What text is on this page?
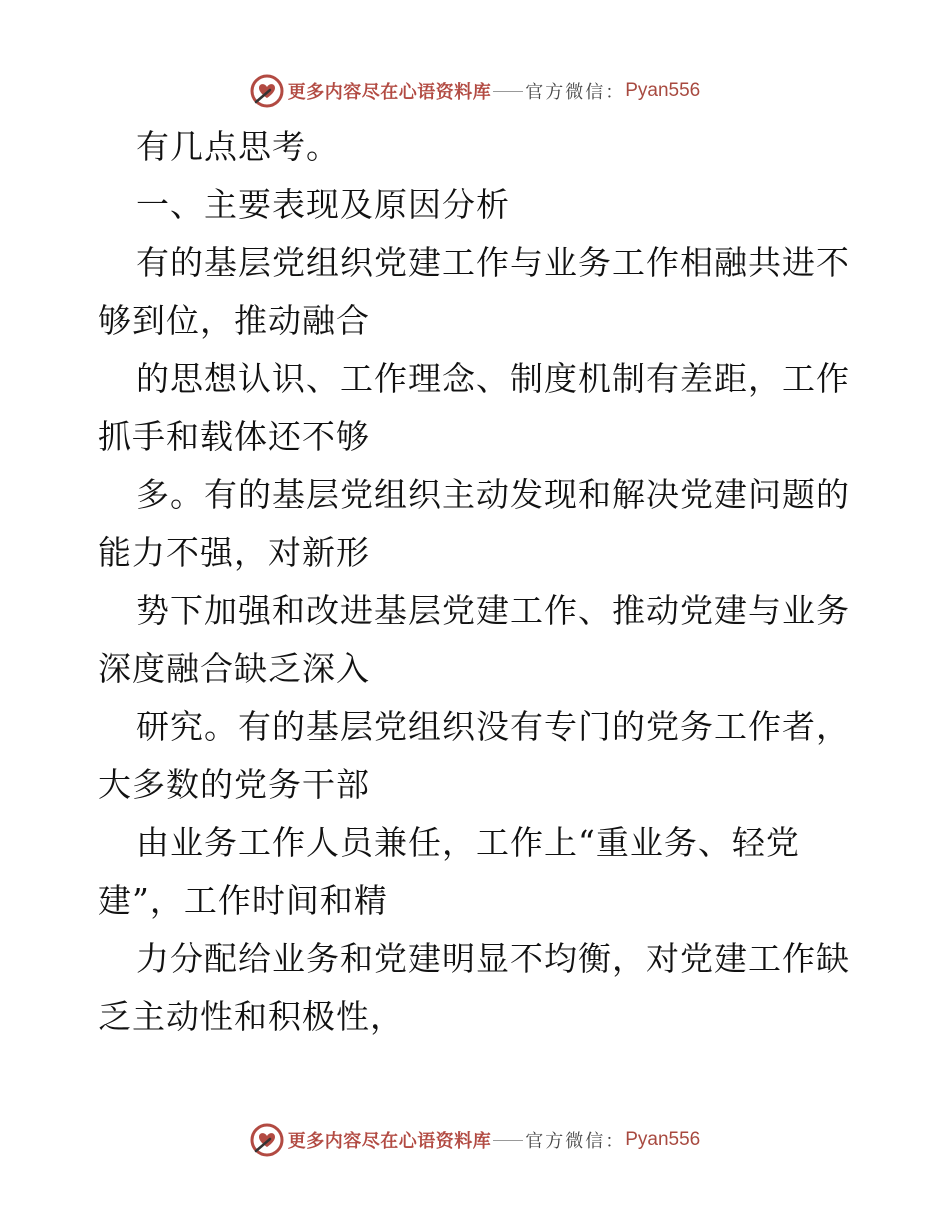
更多内容尽在心语资料库 官方微信： Pyan556
有几点思考。
一、主要表现及原因分析
有的基层党组织党建工作与业务工作相融共进不
够到位，推动融合
的思想认识、工作理念、制度机制有差距，工作
抓手和载体还不够
多。有的基层党组织主动发现和解决党建问题的
能力不强，对新形
势下加强和改进基层党建工作、推动党建与业务
深度融合缺乏深入
研究。有的基层党组织没有专门的党务工作者，
大多数的党务干部
由业务工作人员兼任，工作上“重业务、轻党
建”，工作时间和精
力分配给业务和党建明显不均衡，对党建工作缺
乏主动性和积极性，
更多内容尽在心语资料库 官方微信： Pyan556
